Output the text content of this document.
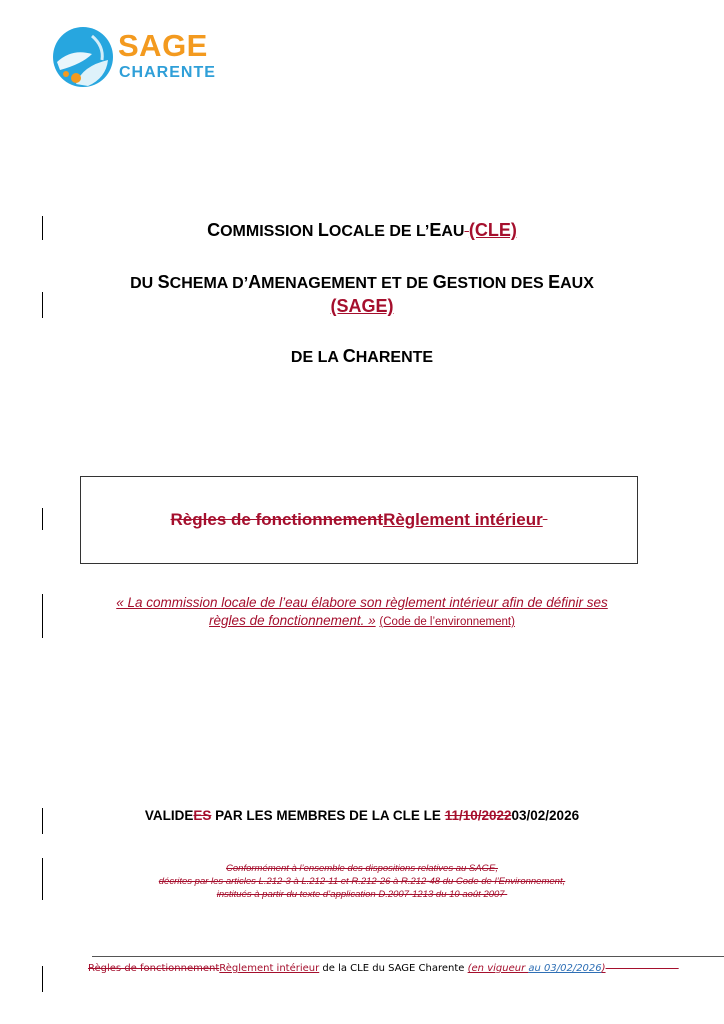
SAGE
CHARENTE
COMMISSION LOCALE DE L’EAU (CLE)
DU SCHEMA D’AMENAGEMENT ET DE GESTION DES EAUX
(SAGE)
DE LA CHARENTE
Règles de fonctionnementRèglement intérieur
« La commission locale de l’eau élabore son règlement intérieur afin de définir ses
règles de fonctionnement. » (Code de l’environnement)
VALIDEES PAR LES MEMBRES DE LA CLE LE 11/10/202203/02/2026
Conformément à l’ensemble des dispositions relatives au SAGE,
décrites par les articles L.212-3 à L.212-11 et R.212-26 à R.212-48 du Code de l’Environnement,
institués à partir du texte d’application D.2007-1213 du 10 août 2007
Règles de fonctionnementRèglement intérieur de la CLE du SAGE Charente (en vigueur au 03/02/2026)
